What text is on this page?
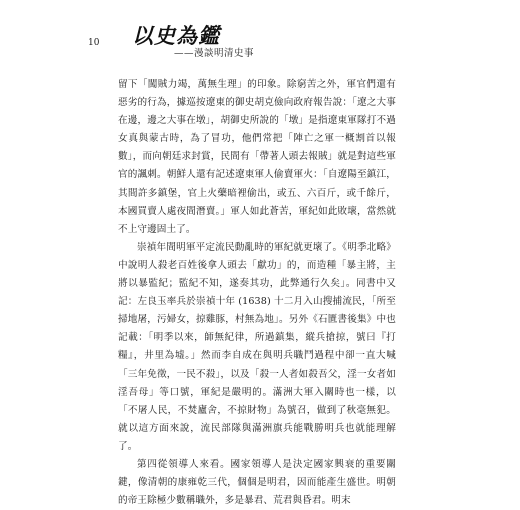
10 以史為鑑
——漫談明清史事

留下「闖賊力竭，萬無生理」的印象。除窮苦之外，軍官們還有惡劣的行為，據巡按遼東的御史胡克儉向政府報告說：「遼之大事在邊，邊之大事在墩」，胡御史所說的「墩」是指遼東軍隊打不過女真與蒙古時，為了冒功，他們常把「陣亡之軍一概割首以報數」，而向朝廷求封賞，民間有「帶著人頭去報賊」就是對這些軍官的諷刺。朝鮮人還有記述遼東軍人偷賣軍火：「自遼陽至鎮江，其間許多鎮堡，官上火藥暗裡偷出，或五、六百斤，或千餘斤，本國買賣人處夜間潛賣。」軍人如此蒼苦，軍紀如此敗壞，當然就不上守邊固土了。

崇禎年間明軍平定流民動亂時的軍紀就更壞了。《明季北略》中說明人殺老百姓後拿人頭去「獻功」的，而造種「暴主將，主將以暴監紀；監紀不知，遂奏其功，此弊通行久矣」。同書中又記：左良玉率兵於崇禎十年 (1638) 十二月入山搜捕流民，「所至掃地屠，污婦女，掠雞豚，村無為地」。另外《石匱書後集》中也記載：「明季以來，師無紀律，所過鎮集，縱兵搶掠，號曰『打糧』，井里為墟。」然而李自成在與明兵職鬥過程中卻一直大喊「三年免徵，一民不殺」，以及「殺一人者如殺吾父，淫一女者如淫吾母」等口號，軍紀是嚴明的。滿洲大軍入關時也一樣，以「不屠人民，不焚廬舍，不掠財物」為號召，做到了秋毫無犯。就以這方面來說，流民部隊與滿洲旗兵能戰勝明兵也就能理解了。

第四從領導人來看。國家領導人是決定國家興衰的重要關鍵，像清朝的康雍乾三代，個個是明君，因而能產生盛世。明朝的帝王除極少數稱職外，多是暴君、荒君與昏君。明末
